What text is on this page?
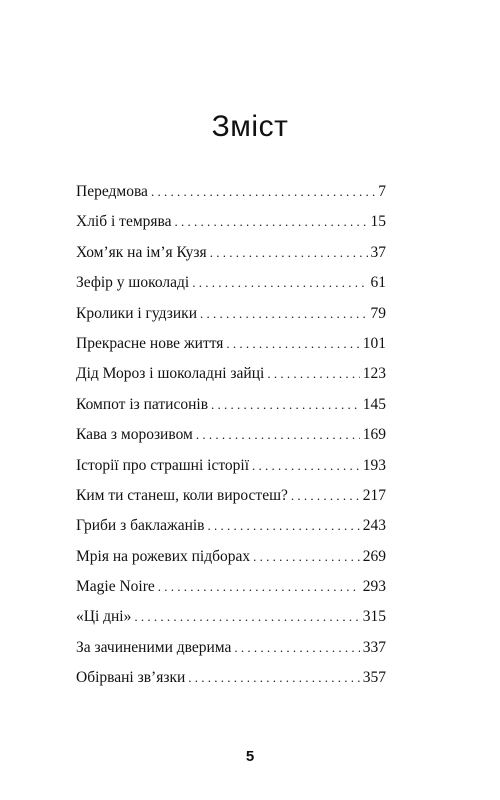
Зміст
Передмова . . .	7
Хліб і темрява . . .	15
Хом’як на ім’я Кузя . . .	37
Зефір у шоколаді . . .	61
Кролики і гудзики . . .	79
Прекрасне нове життя . . .	101
Дід Мороз і шоколадні зайці . . .	123
Компот із патисонів . . .	145
Кава з морозивом . . .	169
Історії про страшні історії . . .	193
Ким ти станеш, коли виростеш? . . .	217
Гриби з баклажанів . . .	243
Мрія на рожевих підборах . . .	269
Magie Noire . . .	293
«Ці дні» . . .	315
За зачиненими дверима . . .	337
Обірвані зв’язки . . .	357
5
